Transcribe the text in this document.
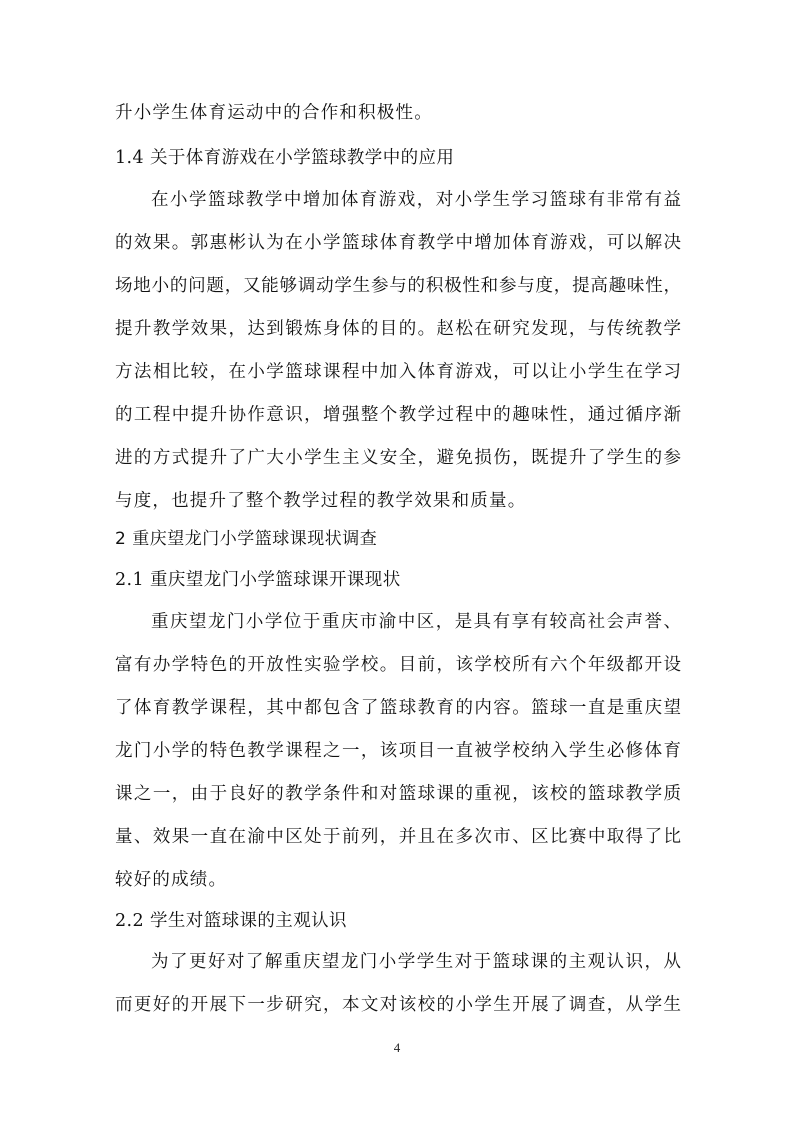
升小学生体育运动中的合作和积极性。
1.4 关于体育游戏在小学篮球教学中的应用
在小学篮球教学中增加体育游戏，对小学生学习篮球有非常有益
的效果。郭惠彬认为在小学篮球体育教学中增加体育游戏，可以解决
场地小的问题，又能够调动学生参与的积极性和参与度，提高趣味性，
提升教学效果，达到锻炼身体的目的。赵松在研究发现，与传统教学
方法相比较，在小学篮球课程中加入体育游戏，可以让小学生在学习
的工程中提升协作意识，增强整个教学过程中的趣味性，通过循序渐
进的方式提升了广大小学生主义安全，避免损伤，既提升了学生的参
与度，也提升了整个教学过程的教学效果和质量。
2 重庆望龙门小学篮球课现状调查
2.1 重庆望龙门小学篮球课开课现状
重庆望龙门小学位于重庆市渝中区，是具有享有较高社会声誉、
富有办学特色的开放性实验学校。目前，该学校所有六个年级都开设
了体育教学课程，其中都包含了篮球教育的内容。篮球一直是重庆望
龙门小学的特色教学课程之一，该项目一直被学校纳入学生必修体育
课之一，由于良好的教学条件和对篮球课的重视，该校的篮球教学质
量、效果一直在渝中区处于前列，并且在多次市、区比赛中取得了比
较好的成绩。
2.2 学生对篮球课的主观认识
为了更好对了解重庆望龙门小学学生对于篮球课的主观认识，从
而更好的开展下一步研究，本文对该校的小学生开展了调查，从学生
4
